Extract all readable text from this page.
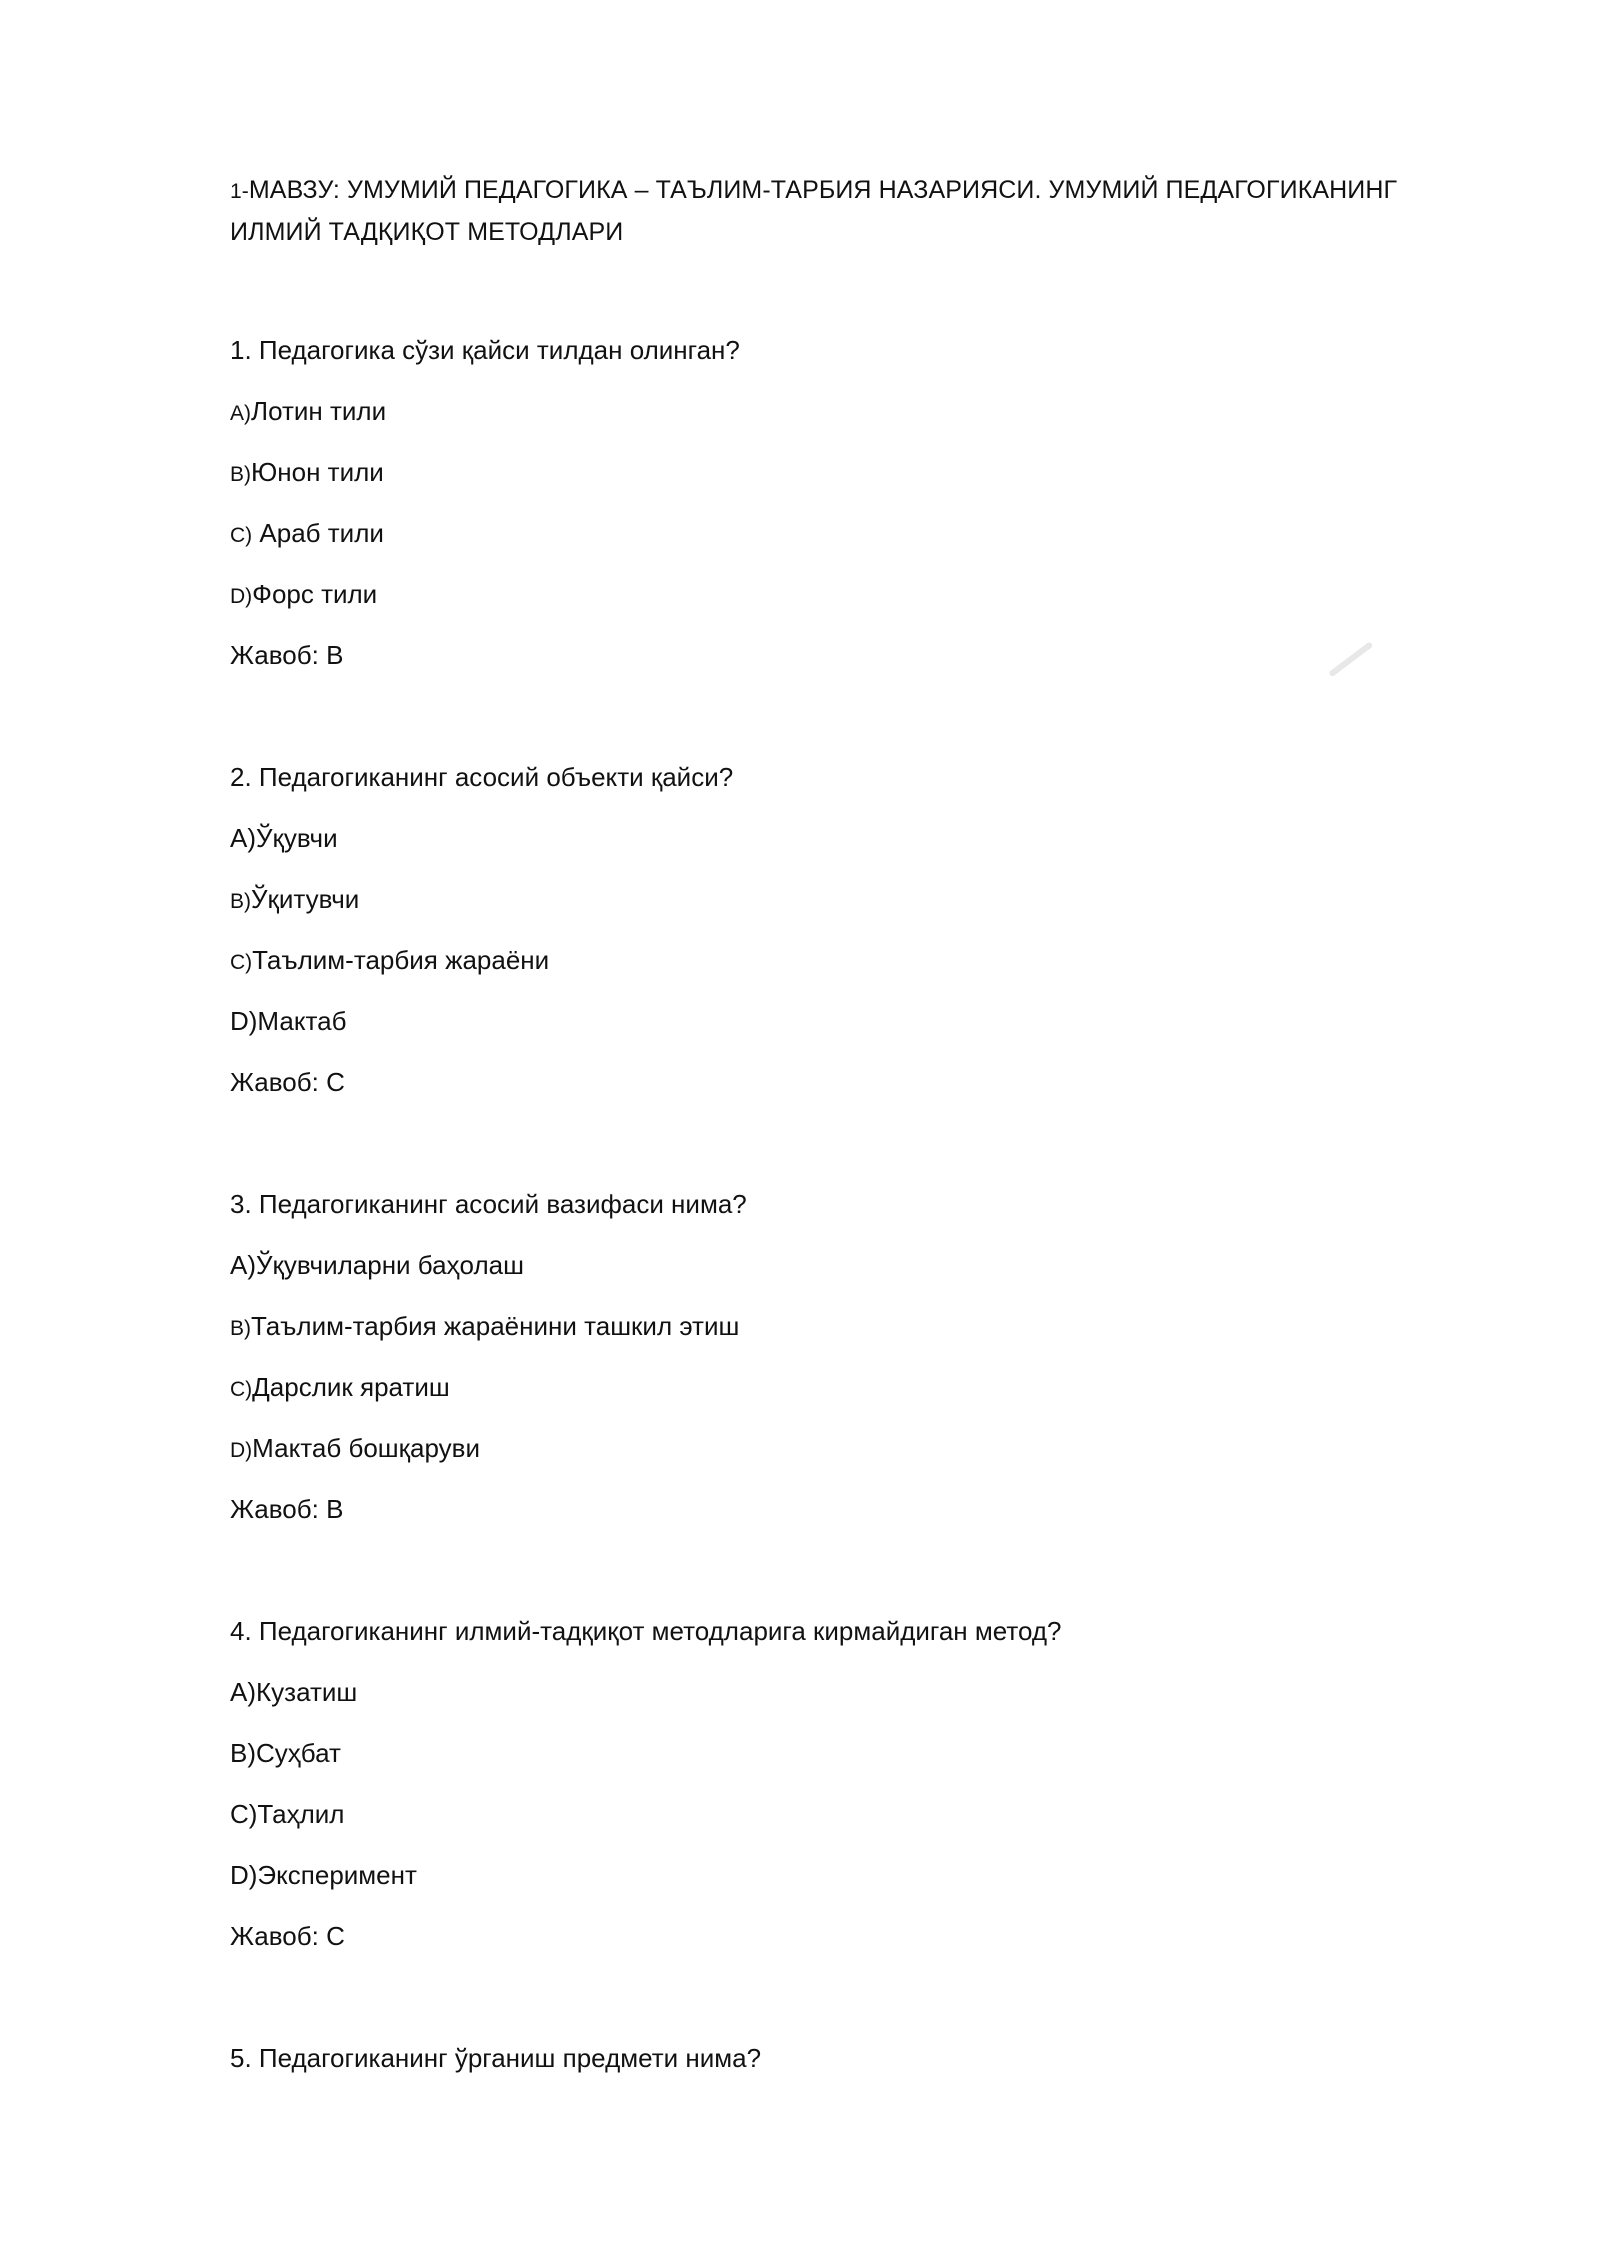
1-МАВЗУ: УМУМИЙ ПЕДАГОГИКА – ТАЪЛИМ-ТАРБИЯ НАЗАРИЯСИ. УМУМИЙ ПЕДАГОГИКАНИНГ ИЛМИЙ ТАДҚИҚОТ МЕТОДЛАРИ
1. Педагогика сўзи қайси тилдан олинган?
A)Лотин тили
B)Юнон тили
C) Араб тили
D)Форс тили
Жавоб: B
2. Педагогиканинг асосий объекти қайси?
A)Ўқувчи
B)Ўқитувчи
C)Таълим-тарбия жараёни
D)Мактаб
Жавоб: C
3. Педагогиканинг асосий вазифаси нима?
A)Ўқувчиларни баҳолаш
B)Таълим-тарбия жараёнини ташкил этиш
C)Дарслик яратиш
D)Мактаб бошқаруви
Жавоб: B
4. Педагогиканинг илмий-тадқиқот методларига кирмайдиган метод?
A)Кузатиш
B)Суҳбат
C)Таҳлил
D)Эксперимент
Жавоб: C
5. Педагогиканинг ўрганиш предмети нима?
